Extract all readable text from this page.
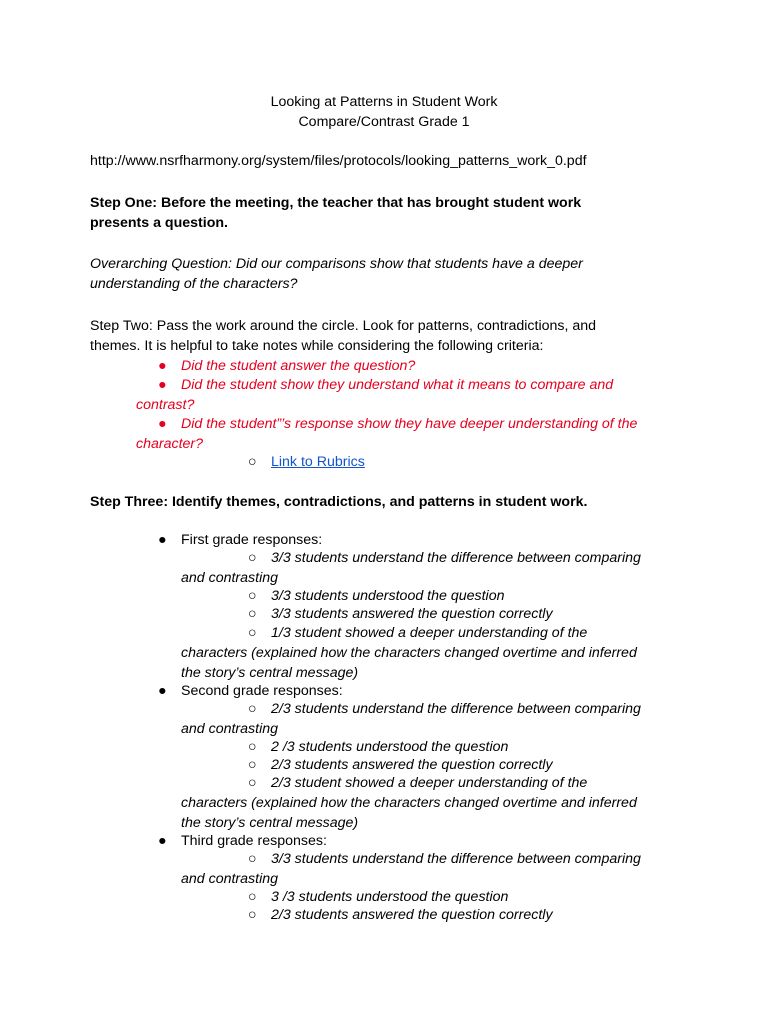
Looking at Patterns in Student Work
Compare/Contrast Grade 1
http://www.nsrfharmony.org/system/files/protocols/looking_patterns_work_0.pdf
Step One: Before the meeting, the teacher that has brought student work
presents a question.
Overarching Question: Did our comparisons show that students have a deeper
understanding of the characters?
Step Two: Pass the work around the circle. Look for patterns, contradictions, and
themes. It is helpful to take notes while considering the following criteria:
● Did the student answer the question?
● Did the student show they understand what it means to compare and
contrast?
● Did the student”’s response show they have deeper understanding of the
character?
○ Link to Rubrics
Step Three: Identify themes, contradictions, and patterns in student work.
● First grade responses:
○ 3/3 students understand the difference between comparing
and contrasting
○ 3/3 students understood the question
○ 3/3 students answered the question correctly
○ 1/3 student showed a deeper understanding of the
characters (explained how the characters changed overtime and inferred
the story’s central message)
● Second grade responses:
○ 2/3 students understand the difference between comparing
and contrasting
○ 2 /3 students understood the question
○ 2/3 students answered the question correctly
○ 2/3 student showed a deeper understanding of the
characters (explained how the characters changed overtime and inferred
the story’s central message)
● Third grade responses:
○ 3/3 students understand the difference between comparing
and contrasting
○ 3 /3 students understood the question
○ 2/3 students answered the question correctly
